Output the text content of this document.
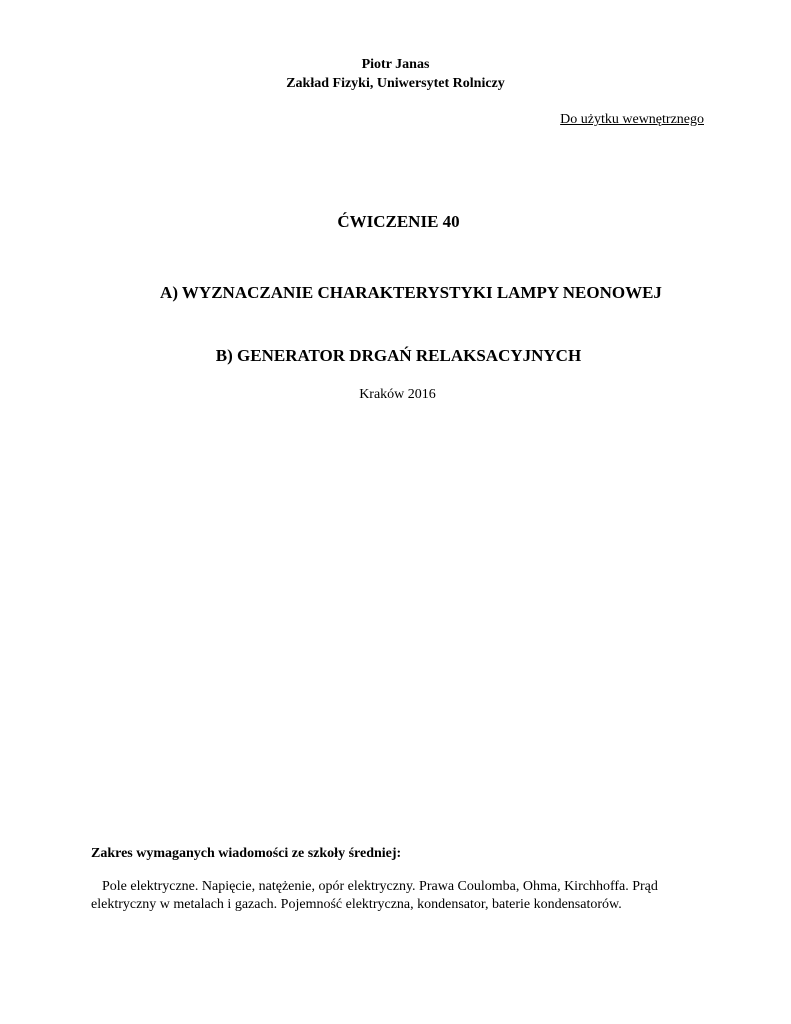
Piotr Janas
Zakład Fizyki, Uniwersytet Rolniczy
Do użytku wewnętrznego
ĆWICZENIE 40
A) WYZNACZANIE CHARAKTERYSTYKI LAMPY NEONOWEJ
B) GENERATOR DRGAŃ RELAKSACYJNYCH
Kraków 2016
Zakres wymaganych wiadomości ze szkoły średniej:
Pole elektryczne. Napięcie, natężenie, opór elektryczny. Prawa Coulomba, Ohma, Kirchhoffa. Prąd elektryczny w metalach i gazach. Pojemność elektryczna, kondensator, baterie kondensatorów.
